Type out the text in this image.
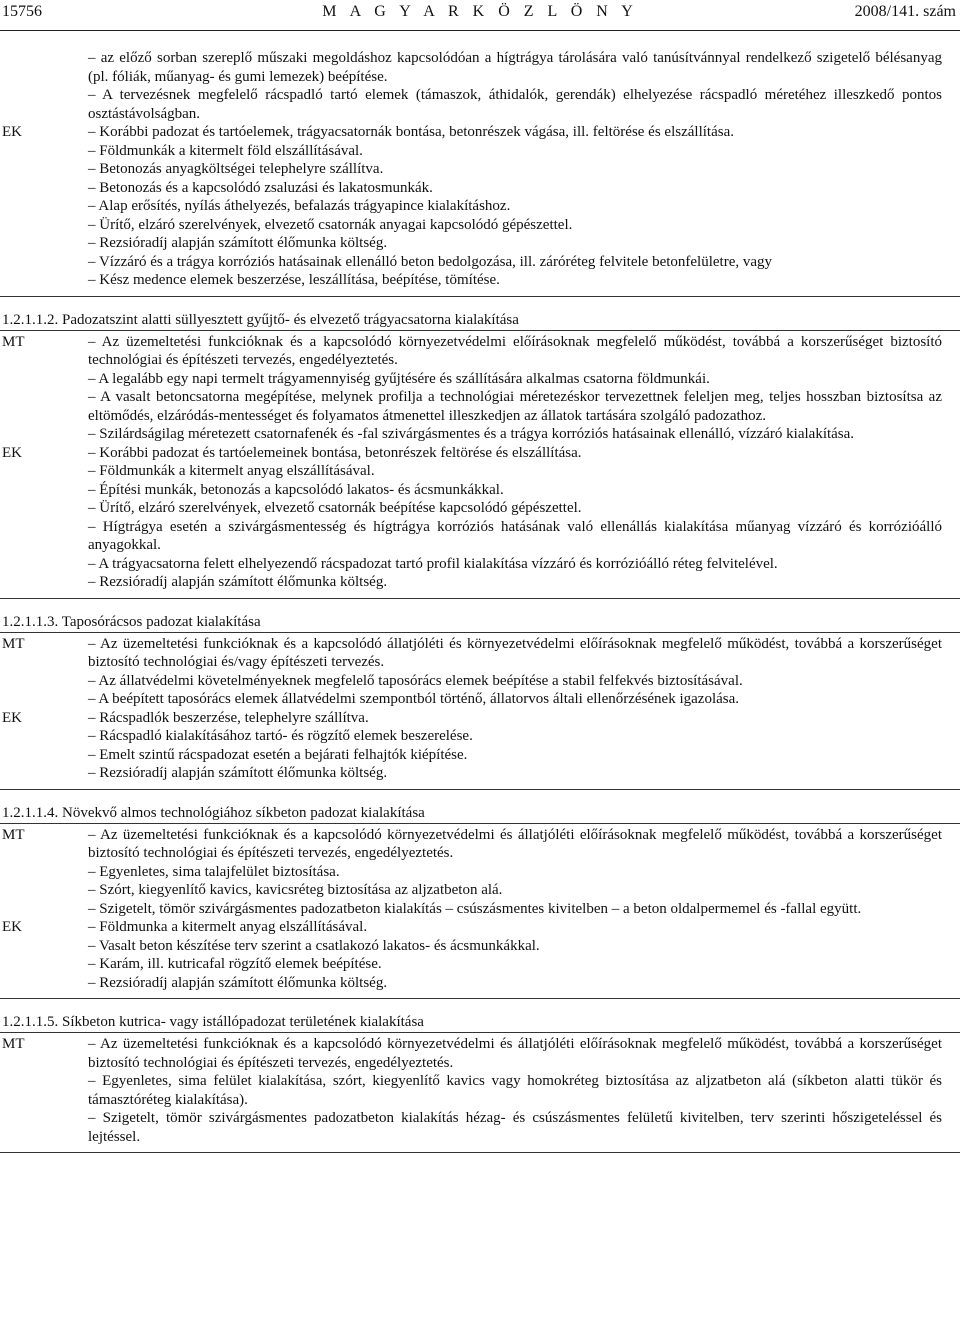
15756	M A G Y A R K Ö Z L Ö N Y	2008/141. szám
– az előző sorban szereplő műszaki megoldáshoz kapcsolódóan a hígtrágya tárolására való tanúsítvánnyal rendelkező szigetelő bélésanyag (pl. fóliák, műanyag- és gumi lemezek) beépítése.
– A tervezésnek megfelelő rácspadló tartó elemek (támaszok, áthidalók, gerendák) elhelyezése rácspadló méretéhez illeszkedő pontos osztástávolságban.
EK	– Korábbi padozat és tartóelemek, trágyacsatornák bontása, betonrészek vágása, ill. feltörése és elszállítása.
– Földmunkák a kitermelt föld elszállításával.
– Betonozás anyagköltségei telephelyre szállítva.
– Betonozás és a kapcsolódó zsaluzási és lakatosmunkák.
– Alap erősítés, nyílás áthelyezés, befalazás trágyapince kialakításhoz.
– Ürítő, elzáró szerelvények, elvezető csatornák anyagai kapcsolódó gépészettel.
– Rezsióradíj alapján számított élőmunka költség.
– Vízzáró és a trágya korróziós hatásainak ellenálló beton bedolgozása, ill. záróréteg felvitele betonfelületre, vagy
– Kész medence elemek beszerzése, leszállítása, beépítése, tömítése.
1.2.1.1.2. Padozatszint alatti süllyesztett gyűjtő- és elvezető trágyacsatorna kialakítása
MT	– Az üzemeltetési funkcióknak és a kapcsolódó környezetvédelmi előírásoknak megfelelő működést, továbbá a korszerűséget biztosító technológiai és építészeti tervezés, engedélyeztetés.
– A legalább egy napi termelt trágyamennyiség gyűjtésére és szállítására alkalmas csatorna földmunkái.
– A vasalt betoncsatorna megépítése, melynek profilja a technológiai méretezéskor tervezettnek feleljen meg, teljes hosszban biztosítsa az eltömődés, elzáródás-mentességet és folyamatos átmenettel illeszkedjen az állatok tartására szolgáló padozathoz.
– Szilárdságilag méretezett csatornafenék és -fal szivárgásmentes és a trágya korróziós hatásainak ellenálló, vízzáró kialakítása.
EK	– Korábbi padozat és tartóelemeinek bontása, betonrészek feltörése és elszállítása.
– Földmunkák a kitermelt anyag elszállításával.
– Építési munkák, betonozás a kapcsolódó lakatos- és ácsmunkákkal.
– Ürítő, elzáró szerelvények, elvezető csatornák beépítése kapcsolódó gépészettel.
– Hígtrágya esetén a szivárgásmentesség és hígtrágya korróziós hatásának való ellenállás kialakítása műanyag vízzáró és korrózióálló anyagokkal.
– A trágyacsatorna felett elhelyezendő rácspadozat tartó profil kialakítása vízzáró és korrózióálló réteg felvitelével.
– Rezsióradíj alapján számított élőmunka költség.
1.2.1.1.3. Taposórácsos padozat kialakítása
MT	– Az üzemeltetési funkcióknak és a kapcsolódó állatjóléti és környezetvédelmi előírásoknak megfelelő működést, továbbá a korszerűséget biztosító technológiai és/vagy építészeti tervezés.
– Az állatvédelmi követelményeknek megfelelő taposórács elemek beépítése a stabil felfekvés biztosításával.
– A beépített taposórács elemek állatvédelmi szempontból történő, állatorvos általi ellenőrzésének igazolása.
EK	– Rácspadlók beszerzése, telephelyre szállítva.
– Rácspadló kialakításához tartó- és rögzítő elemek beszerelése.
– Emelt szintű rácspadozat esetén a bejárati felhajtók kiépítése.
– Rezsióradíj alapján számított élőmunka költség.
1.2.1.1.4. Növekvő almos technológiához síkbeton padozat kialakítása
MT	– Az üzemeltetési funkcióknak és a kapcsolódó környezetvédelmi és állatjóléti előírásoknak megfelelő működést, továbbá a korszerűséget biztosító technológiai és építészeti tervezés, engedélyeztetés.
– Egyenletes, sima talajfelület biztosítása.
– Szórt, kiegyenlítő kavics, kavicsréteg biztosítása az aljzatbeton alá.
– Szigetelt, tömör szivárgásmentes padozatbeton kialakítás – csúszásmentes kivitelben – a beton oldalpermemel és -fallal együtt.
EK	– Földmunka a kitermelt anyag elszállításával.
– Vasalt beton készítése terv szerint a csatlakozó lakatos- és ácsmunkákkal.
– Karám, ill. kutricafal rögzítő elemek beépítése.
– Rezsióradíj alapján számított élőmunka költség.
1.2.1.1.5. Síkbeton kutrica- vagy istállópadozat területének kialakítása
MT	– Az üzemeltetési funkcióknak és a kapcsolódó környezetvédelmi és állatjóléti előírásoknak megfelelő működést, továbbá a korszerűséget biztosító technológiai és építészeti tervezés, engedélyeztetés.
– Egyenletes, sima felület kialakítása, szórt, kiegyenlítő kavics vagy homokréteg biztosítása az aljzatbeton alá (síkbeton alatti tükör és támasztóréteg kialakítása).
– Szigetelt, tömör szivárgásmentes padozatbeton kialakítás hézag- és csúszásmentes felületű kivitelben, terv szerinti hőszigeteléssel és lejtéssel.
